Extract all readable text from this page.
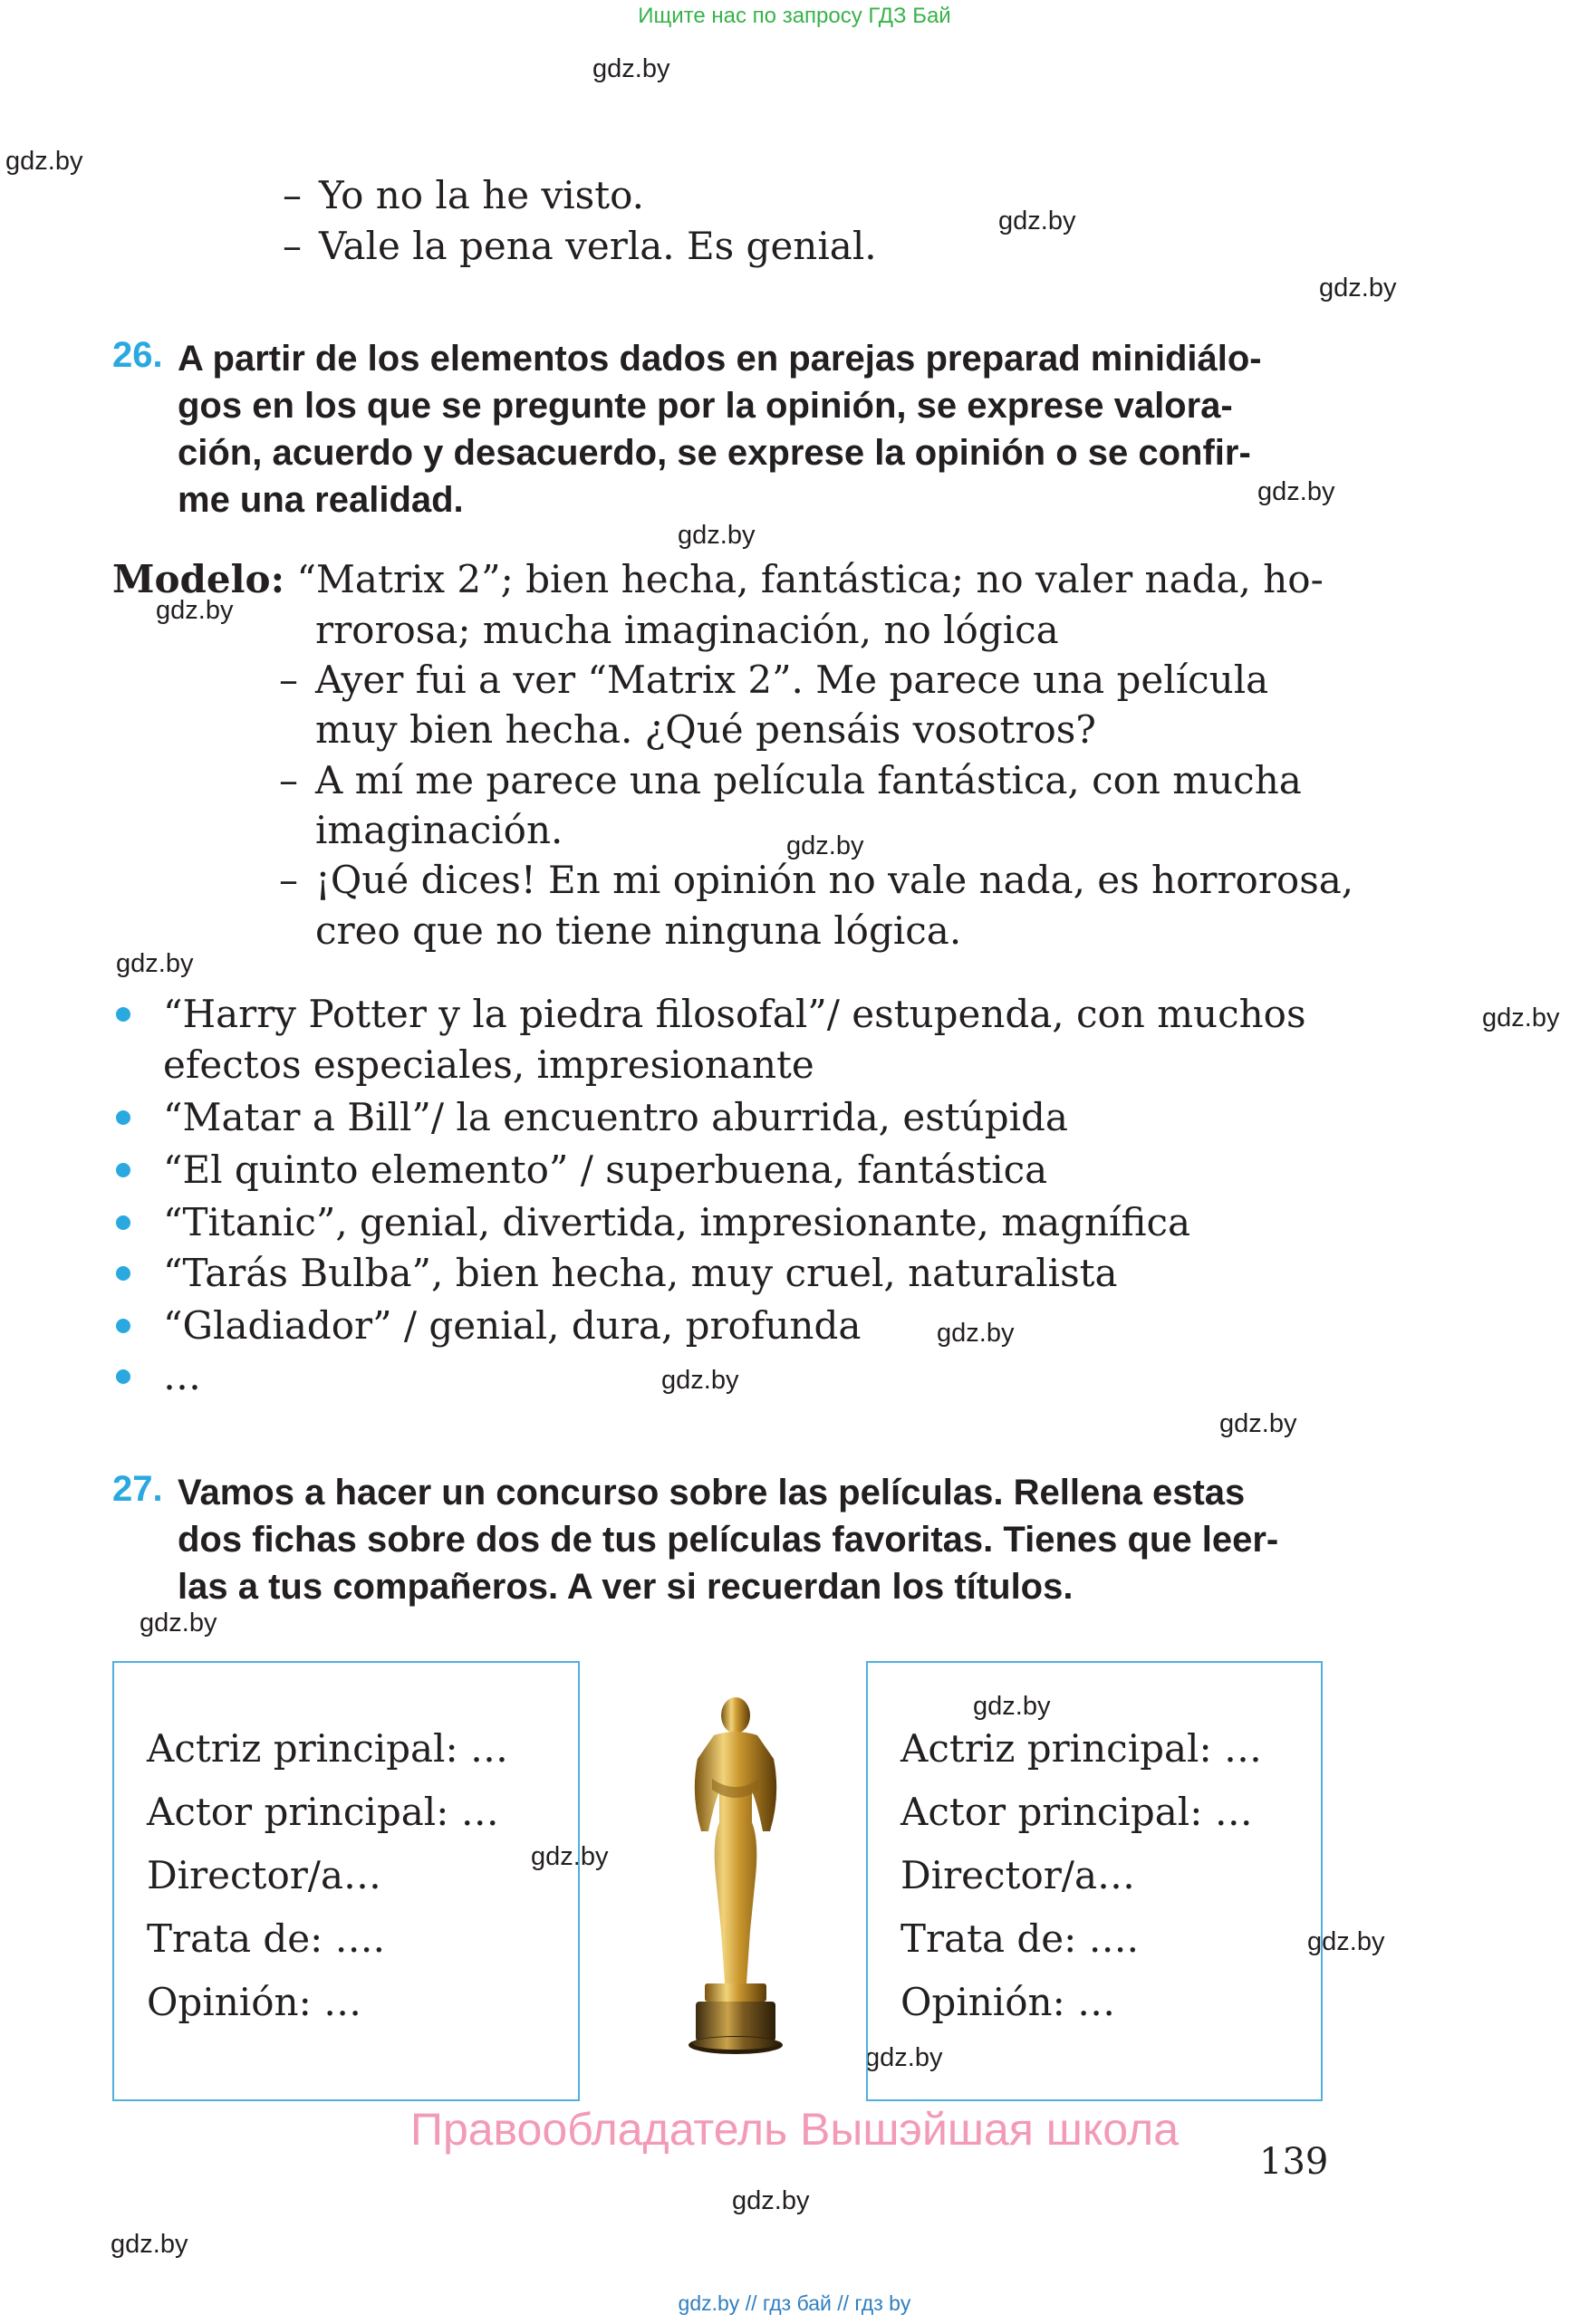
Ищите нас по запросу ГДЗ Бай
gdz.by
gdz.by
gdz.by
gdz.by
gdz.by
gdz.by
gdz.by
gdz.by
gdz.by
gdz.by
gdz.by
gdz.by
gdz.by
gdz.by
gdz.by
gdz.by
gdz.by
gdz.by
gdz.by
gdz.by
– Yo no la he visto.
– Vale la pena verla. Es genial.
26. A partir de los elementos dados en parejas preparad minidiálo-
gos en los que se pregunte por la opinión, se exprese valora-
ción, acuerdo y desacuerdo, se exprese la opinión o se confir-
me una realidad.
Modelo: “Matrix 2”; bien hecha, fantástica; no valer nada, ho-
rrorosa; mucha imaginación, no lógica
– Ayer fui a ver “Matrix 2”. Me parece una película
muy bien hecha. ¿Qué pensáis vosotros?
– A mí me parece una película fantástica, con mucha
imaginación.
– ¡Qué dices! En mi opinión no vale nada, es horrorosa,
creo que no tiene ninguna lógica.
“Harry Potter y la piedra filosofal”/ estupenda, con muchos
efectos especiales, impresionante
“Matar a Bill”/ la encuentro aburrida, estúpida
“El quinto elemento” / superbuena, fantástica
“Titanic”, genial, divertida, impresionante, magnífica
“Tarás Bulba”, bien hecha, muy cruel, naturalista
“Gladiador” / genial, dura, profunda
…
27. Vamos a hacer un concurso sobre las películas. Rellena estas
dos fichas sobre dos de tus películas favoritas. Tienes que leer-
las a tus compañeros. A ver si recuerdan los títulos.
Actriz principal: …
Actor principal: …
Director/a…
Trata de: ….
Opinión: …
Actriz principal: …
Actor principal: …
Director/a…
Trata de: ….
Opinión: …
Правообладатель Вышэйшая школа
139
gdz.by // гдз бай // гдз by
